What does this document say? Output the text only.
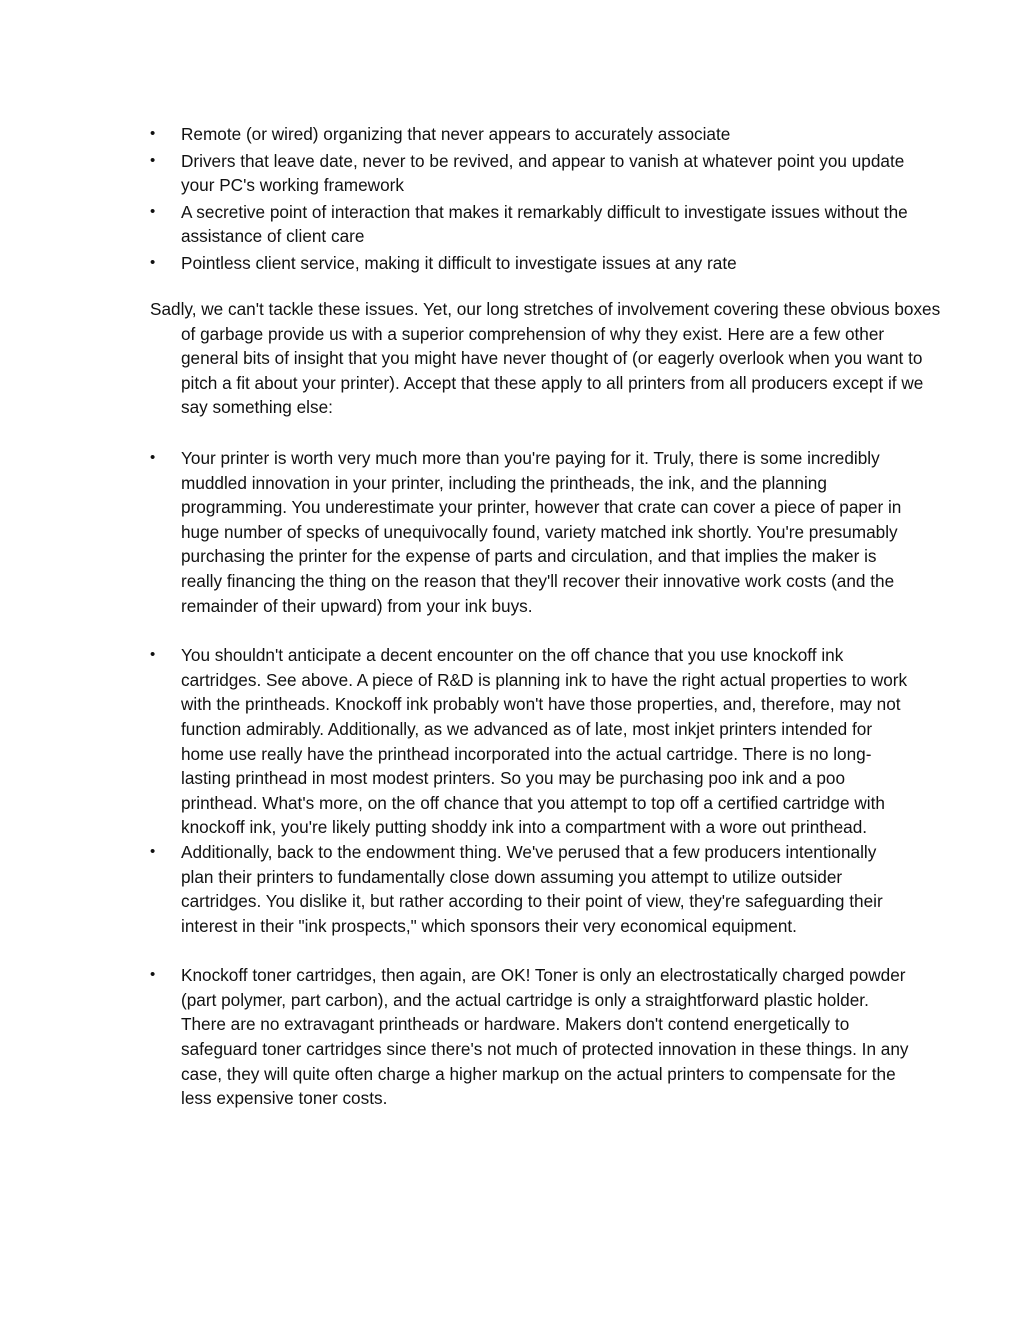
•	Remote (or wired) organizing that never appears to accurately associate
•	Drivers that leave date, never to be revived, and appear to vanish at whatever point you update your PC's working framework
•	A secretive point of interaction that makes it remarkably difficult to investigate issues without the assistance of client care
•	Pointless client service, making it difficult to investigate issues at any rate

Sadly, we can't tackle these issues. Yet, our long stretches of involvement covering these obvious boxes of garbage provide us with a superior comprehension of why they exist. Here are a few other general bits of insight that you might have never thought of (or eagerly overlook when you want to pitch a fit about your printer). Accept that these apply to all printers from all producers except if we say something else:

•	Your printer is worth very much more than you're paying for it. Truly, there is some incredibly muddled innovation in your printer, including the printheads, the ink, and the planning programming. You underestimate your printer, however that crate can cover a piece of paper in huge number of specks of unequivocally found, variety matched ink shortly. You're presumably purchasing the printer for the expense of parts and circulation, and that implies the maker is really financing the thing on the reason that they'll recover their innovative work costs (and the remainder of their upward) from your ink buys.
•	You shouldn't anticipate a decent encounter on the off chance that you use knockoff ink cartridges. See above. A piece of R&D is planning ink to have the right actual properties to work with the printheads. Knockoff ink probably won't have those properties, and, therefore, may not function admirably. Additionally, as we advanced as of late, most inkjet printers intended for home use really have the printhead incorporated into the actual cartridge. There is no long-lasting printhead in most modest printers. So you may be purchasing poo ink and a poo printhead. What's more, on the off chance that you attempt to top off a certified cartridge with knockoff ink, you're likely putting shoddy ink into a compartment with a wore out printhead.
•	Additionally, back to the endowment thing. We've perused that a few producers intentionally plan their printers to fundamentally close down assuming you attempt to utilize outsider cartridges. You dislike it, but rather according to their point of view, they're safeguarding their interest in their "ink prospects," which sponsors their very economical equipment.
•	Knockoff toner cartridges, then again, are OK! Toner is only an electrostatically charged powder (part polymer, part carbon), and the actual cartridge is only a straightforward plastic holder. There are no extravagant printheads or hardware. Makers don't contend energetically to safeguard toner cartridges since there's not much of protected innovation in these things. In any case, they will quite often charge a higher markup on the actual printers to compensate for the less expensive toner costs.
